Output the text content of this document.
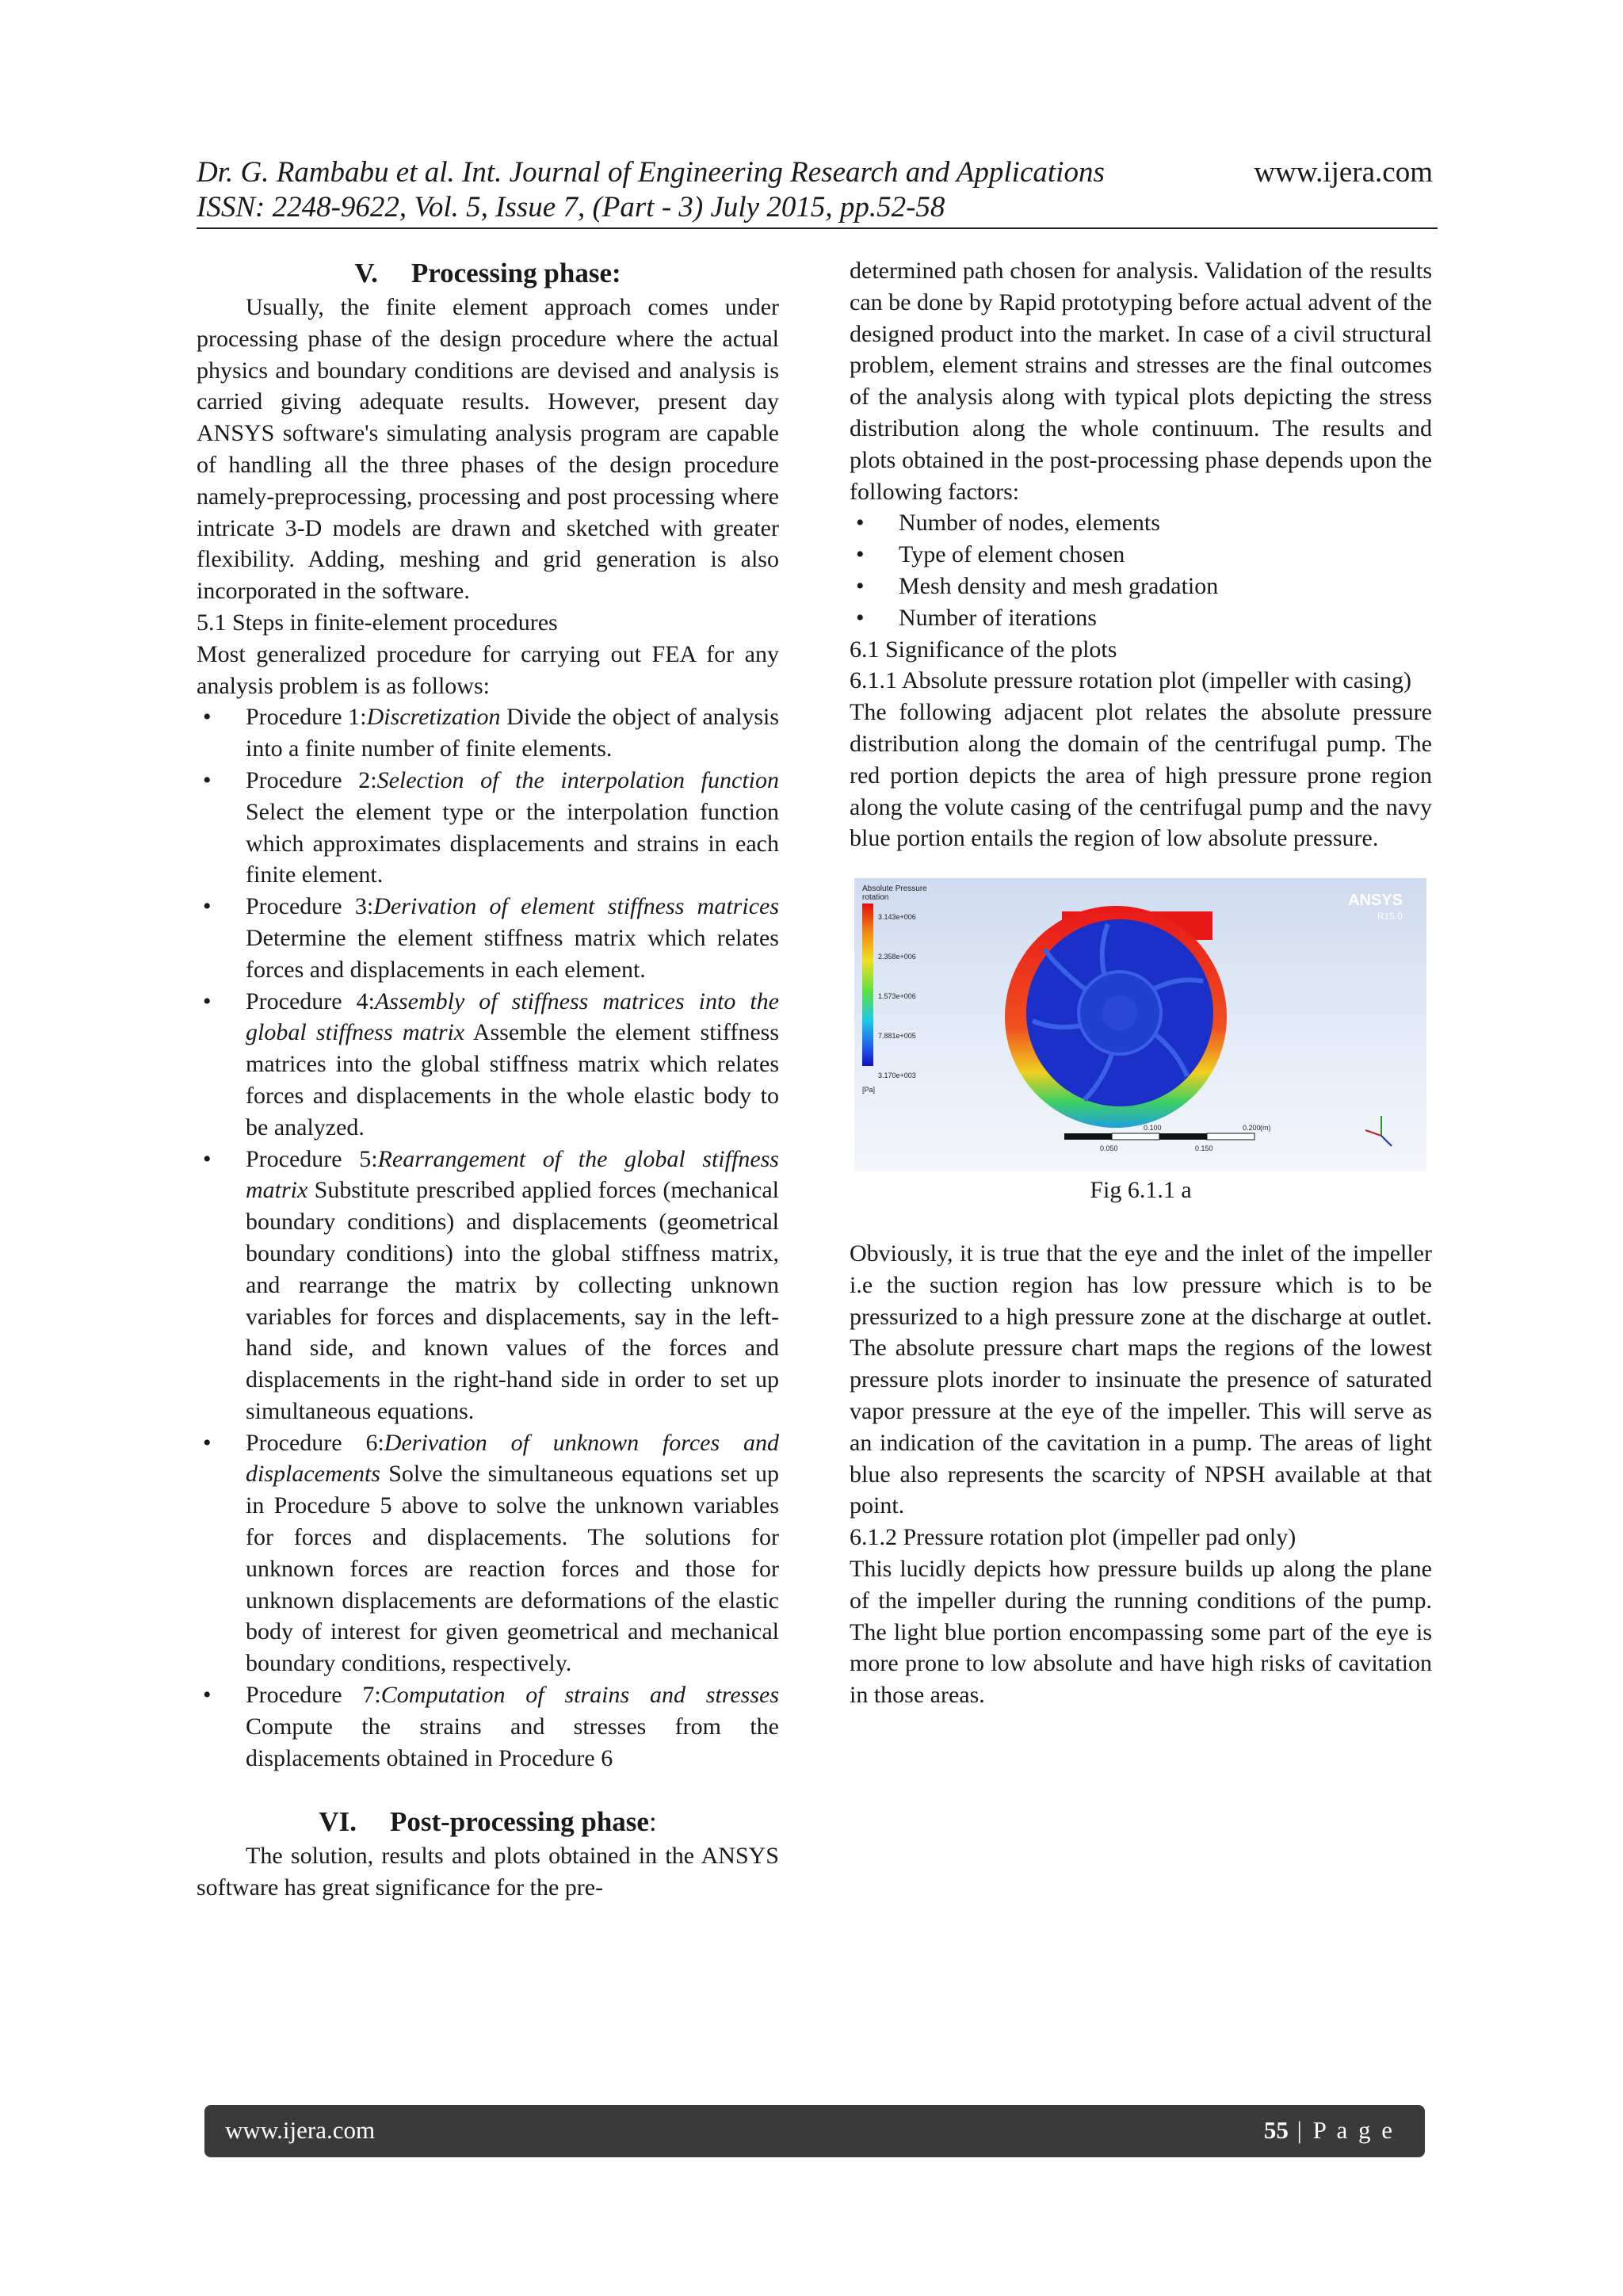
Dr. G. Rambabu et al. Int. Journal of Engineering Research and Applications	www.ijera.com
ISSN: 2248-9622, Vol. 5, Issue 7, (Part - 3) July 2015, pp.52-58
V. Processing phase:

Usually, the finite element approach comes under processing phase of the design procedure where the actual physics and boundary conditions are devised and analysis is carried giving adequate results. However, present day ANSYS software's simulating analysis program are capable of handling all the three phases of the design procedure namely-preprocessing, processing and post processing where intricate 3-D models are drawn and sketched with greater flexibility. Adding, meshing and grid generation is also incorporated in the software.

5.1 Steps in finite-element procedures

Most generalized procedure for carrying out FEA for any analysis problem is as follows:

• Procedure 1:Discretization Divide the object of analysis into a finite number of finite elements.
• Procedure 2:Selection of the interpolation function Select the element type or the interpolation function which approximates displacements and strains in each finite element.
• Procedure 3:Derivation of element stiffness matrices Determine the element stiffness matrix which relates forces and displacements in each element.
• Procedure 4:Assembly of stiffness matrices into the global stiffness matrix Assemble the element stiffness matrices into the global stiffness matrix which relates forces and displacements in the whole elastic body to be analyzed.
• Procedure 5:Rearrangement of the global stiffness matrix Substitute prescribed applied forces (mechanical boundary conditions) and displacements (geometrical boundary conditions) into the global stiffness matrix, and rearrange the matrix by collecting unknown variables for forces and displacements, say in the left-hand side, and known values of the forces and displacements in the right-hand side in order to set up simultaneous equations.
• Procedure 6:Derivation of unknown forces and displacements Solve the simultaneous equations set up in Procedure 5 above to solve the unknown variables for forces and displacements. The solutions for unknown forces are reaction forces and those for unknown displacements are deformations of the elastic body of interest for given geometrical and mechanical boundary conditions, respectively.
• Procedure 7:Computation of strains and stresses Compute the strains and stresses from the displacements obtained in Procedure 6
VI. Post-processing phase:

The solution, results and plots obtained in the ANSYS software has great significance for the pre-

determined path chosen for analysis. Validation of the results can be done by Rapid prototyping before actual advent of the designed product into the market. In case of a civil structural problem, element strains and stresses are the final outcomes of the analysis along with typical plots depicting the stress distribution along the whole continuum. The results and plots obtained in the post-processing phase depends upon the following factors:

• Number of nodes, elements
• Type of element chosen
• Mesh density and mesh gradation
• Number of iterations

6.1 Significance of the plots

6.1.1 Absolute pressure rotation plot (impeller with casing)

The following adjacent plot relates the absolute pressure distribution along the domain of the centrifugal pump. The red portion depicts the area of high pressure prone region along the volute casing of the centrifugal pump and the navy blue portion entails the region of low absolute pressure.

Absolute Pressure
rotation
3.143e+006
2.358e+006
1.573e+006
7.881e+005
3.170e+003
[Pa]
ANSYS
R15.0
0.100	0.200 (m)
0.050	0.150

Fig 6.1.1 a

Obviously, it is true that the eye and the inlet of the impeller i.e the suction region has low pressure which is to be pressurized to a high pressure zone at the discharge at outlet. The absolute pressure chart maps the regions of the lowest pressure plots inorder to insinuate the presence of saturated vapor pressure at the eye of the impeller. This will serve as an indication of the cavitation in a pump. The areas of light blue also represents the scarcity of NPSH available at that point.

6.1.2 Pressure rotation plot (impeller pad only)

This lucidly depicts how pressure builds up along the plane of the impeller during the running conditions of the pump. The light blue portion encompassing some part of the eye is more prone to low absolute and have high risks of cavitation in those areas.

www.ijera.com	55 | P a g e
